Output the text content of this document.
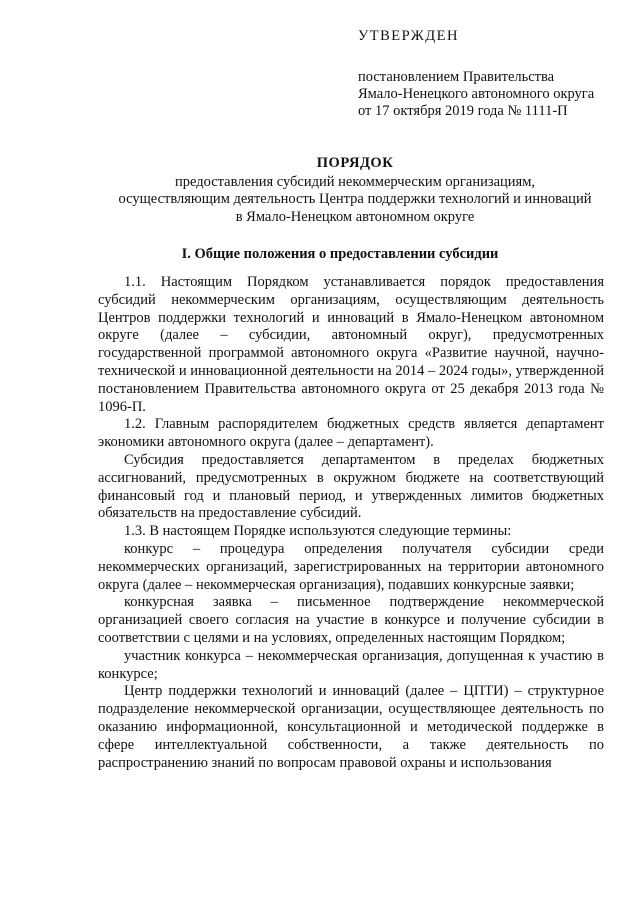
УТВЕРЖДЕН
постановлением Правительства
Ямало-Ненецкого автономного округа
от 17 октября 2019 года № 1111-П
ПОРЯДОК
предоставления субсидий некоммерческим организациям,
осуществляющим деятельность Центра поддержки технологий и инноваций
в Ямало-Ненецком автономном округе
I. Общие положения о предоставлении субсидии

1.1. Настоящим Порядком устанавливается порядок предоставления субсидий некоммерческим организациям, осуществляющим деятельность Центров поддержки технологий и инноваций в Ямало-Ненецком автономном округе (далее – субсидии, автономный округ), предусмотренных государственной программой автономного округа «Развитие научной, научно-технической и инновационной деятельности на 2014 – 2024 годы», утвержденной постановлением Правительства автономного округа от 25 декабря 2013 года № 1096-П.

1.2. Главным распорядителем бюджетных средств является департамент экономики автономного округа (далее – департамент).

Субсидия предоставляется департаментом в пределах бюджетных ассигнований, предусмотренных в окружном бюджете на соответствующий финансовый год и плановый период, и утвержденных лимитов бюджетных обязательств на предоставление субсидий.

1.3. В настоящем Порядке используются следующие термины:

конкурс – процедура определения получателя субсидии среди некоммерческих организаций, зарегистрированных на территории автономного округа (далее – некоммерческая организация), подавших конкурсные заявки;

конкурсная заявка – письменное подтверждение некоммерческой организацией своего согласия на участие в конкурсе и получение субсидии в соответствии с целями и на условиях, определенных настоящим Порядком;

участник конкурса – некоммерческая организация, допущенная к участию в конкурсе;

Центр поддержки технологий и инноваций (далее – ЦПТИ) – структурное подразделение некоммерческой организации, осуществляющее деятельность по оказанию информационной, консультационной и методической поддержке в сфере интеллектуальной собственности, а также деятельность по распространению знаний по вопросам правовой охраны и использования
